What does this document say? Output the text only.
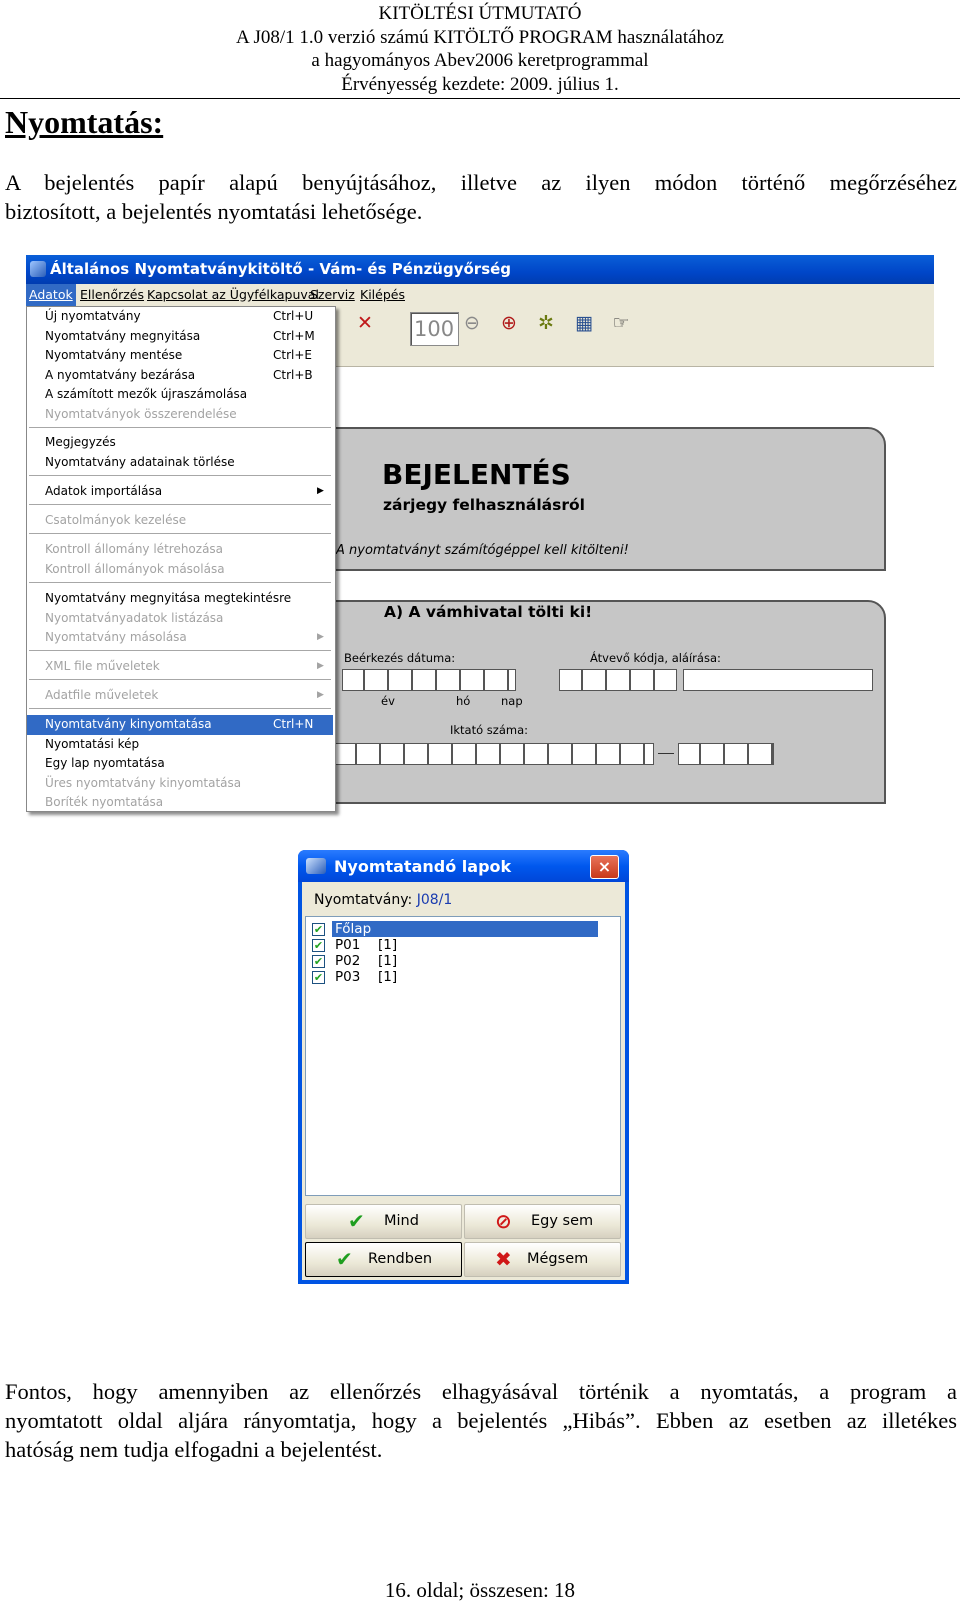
KITÖLTÉSI ÚTMUTATÓ
A J08/1 1.0 verzió számú KITÖLTŐ PROGRAM használatához
a hagyományos Abev2006 keretprogrammal
Érvényesség kezdete: 2009. július 1.
Nyomtatás:
A bejelentés papír alapú benyújtásához, illetve az ilyen módon történő megőrzéséhez
biztosított, a bejelentés nyomtatási lehetősége.
Általános Nyomtatványkitöltő - Vám- és Pénzügyőrség
Adatok Ellenőrzés Kapcsolat az Ügyfélkapuval
Szerviz Kilépés
✕ 100 ⊖ ⊕ ✲ ▦ ☞
BEJELENTÉS
zárjegy felhasználásról
A nyomtatványt számítógéppel kell kitölteni!
A) A vámhivatal tölti ki!
Beérkezés dátuma:	Átvevő kódja, aláírása:
év	hó	nap
Iktató száma:
Új nyomtatvány	Ctrl+U
Nyomtatvány megnyitása	Ctrl+M
Nyomtatvány mentése	Ctrl+E
A nyomtatvány bezárása	Ctrl+B
A számított mezők újraszámolása
Nyomtatványok összerendelése
Megjegyzés
Nyomtatvány adatainak törlése
Adatok importálása	▶
Csatolmányok kezelése
Kontroll állomány létrehozása
Kontroll állományok másolása
Nyomtatvány megnyitása megtekintésre
Nyomtatványadatok listázása
Nyomtatvány másolása	▶
XML file műveletek	▶
Adatfile műveletek	▶
Nyomtatvány kinyomtatása	Ctrl+N
Nyomtatási kép
Egy lap nyomtatása
Üres nyomtatvány kinyomtatása
Boríték nyomtatása
Nyomtatandó lapok	×
Nyomtatvány: J08/1
✔ Főlap
✔ P01 [1]
✔ P02 [1]
✔ P03 [1]
✔ Mind	⊘ Egy sem
✔ Rendben	✖ Mégsem
Fontos, hogy amennyiben az ellenőrzés elhagyásával történik a nyomtatás, a program a
nyomtatott oldal aljára rányomtatja, hogy a bejelentés „Hibás”. Ebben az esetben az illetékes
hatóság nem tudja elfogadni a bejelentést.
16. oldal; összesen: 18
